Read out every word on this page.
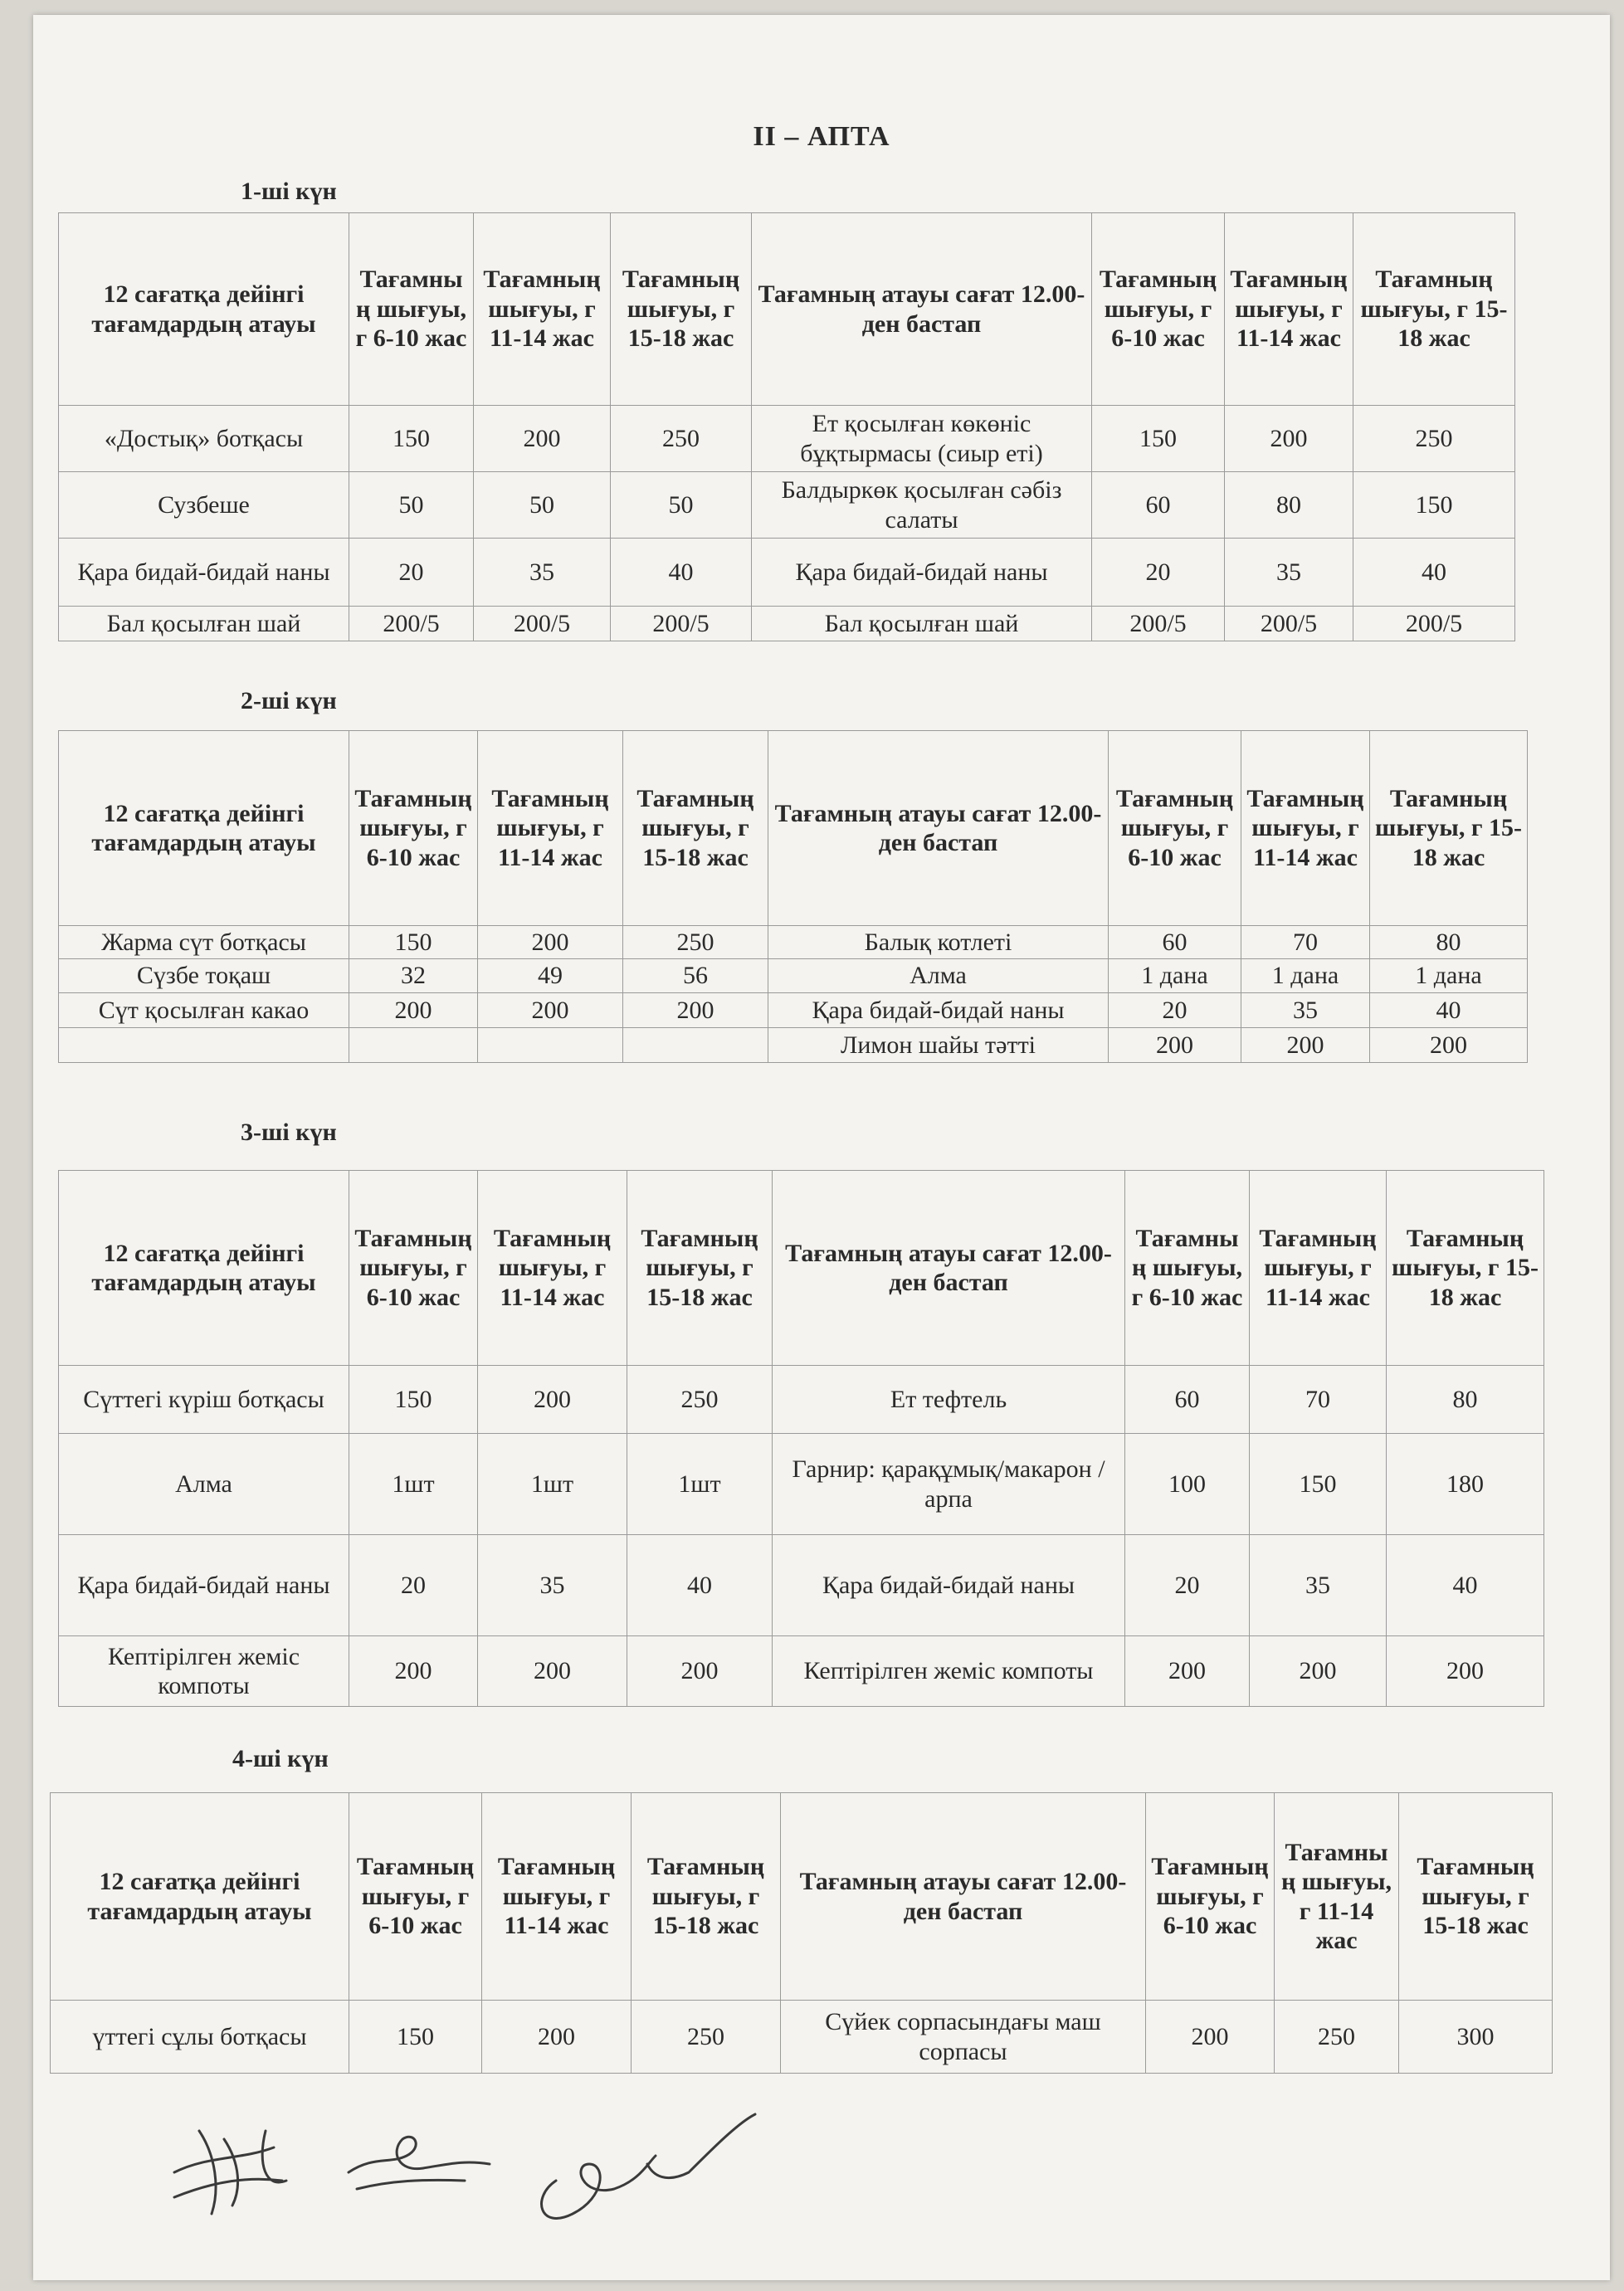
II – АПТА
1-ші күн
12 сағатқа дейінгі тағамдардың атауы	Тағамның шығуы, г 6-10 жас	Тағамның шығуы, г 11-14 жас	Тағамның шығуы, г 15-18 жас	Тағамның атауы сағат 12.00-ден бастап	Тағамның шығуы, г 6-10 жас	Тағамның шығуы, г 11-14 жас	Тағамның шығуы, г 15-18 жас
«Достық» ботқасы	150	200	250	Ет қосылған көкөніс бұқтырмасы (сиыр еті)	150	200	250
Сузбеше	50	50	50	Балдыркөк қосылған сәбіз салаты	60	80	150
Қара бидай-бидай наны	20	35	40	Қара бидай-бидай наны	20	35	40
Бал қосылған шай	200/5	200/5	200/5	Бал қосылған шай	200/5	200/5	200/5
2-ші күн
12 сағатқа дейінгі тағамдардың атауы	Тағамның шығуы, г 6-10 жас	Тағамның шығуы, г 11-14 жас	Тағамның шығуы, г 15-18 жас	Тағамның атауы сағат 12.00-ден бастап	Тағамның шығуы, г 6-10 жас	Тағамның шығуы, г 11-14 жас	Тағамның шығуы, г 15-18 жас
Жарма сүт ботқасы	150	200	250	Балық котлеті	60	70	80
Сүзбе тоқаш	32	49	56	Алма	1 дана	1 дана	1 дана
Сүт қосылған какао	200	200	200	Қара бидай-бидай наны	20	35	40
				Лимон шайы тәтті	200	200	200
3-ші күн
12 сағатқа дейінгі тағамдардың атауы	Тағамның шығуы, г 6-10 жас	Тағамның шығуы, г 11-14 жас	Тағамның шығуы, г 15-18 жас	Тағамның атауы сағат 12.00-ден бастап	Тағамның шығуы, г 6-10 жас	Тағамның шығуы, г 11-14 жас	Тағамның шығуы, г 15-18 жас
Сүттегі күріш ботқасы	150	200	250	Ет тефтель	60	70	80
Алма	1шт	1шт	1шт	Гарнир: қарақұмық/макарон / арпа	100	150	180
Қара бидай-бидай наны	20	35	40	Қара бидай-бидай наны	20	35	40
Кептірілген жеміс компоты	200	200	200	Кептірілген жеміс компоты	200	200	200
4-ші күн
12 сағатқа дейінгі тағамдардың атауы	Тағамның шығуы, г 6-10 жас	Тағамның шығуы, г 11-14 жас	Тағамның шығуы, г 15-18 жас	Тағамның атауы сағат 12.00-ден бастап	Тағамның шығуы, г 6-10 жас	Тағамның шығуы, г 11-14 жас	Тағамның шығуы, г 15-18 жас
үттегі сұлы ботқасы	150	200	250	Сүйек сорпасындағы маш сорпасы	200	250	300
